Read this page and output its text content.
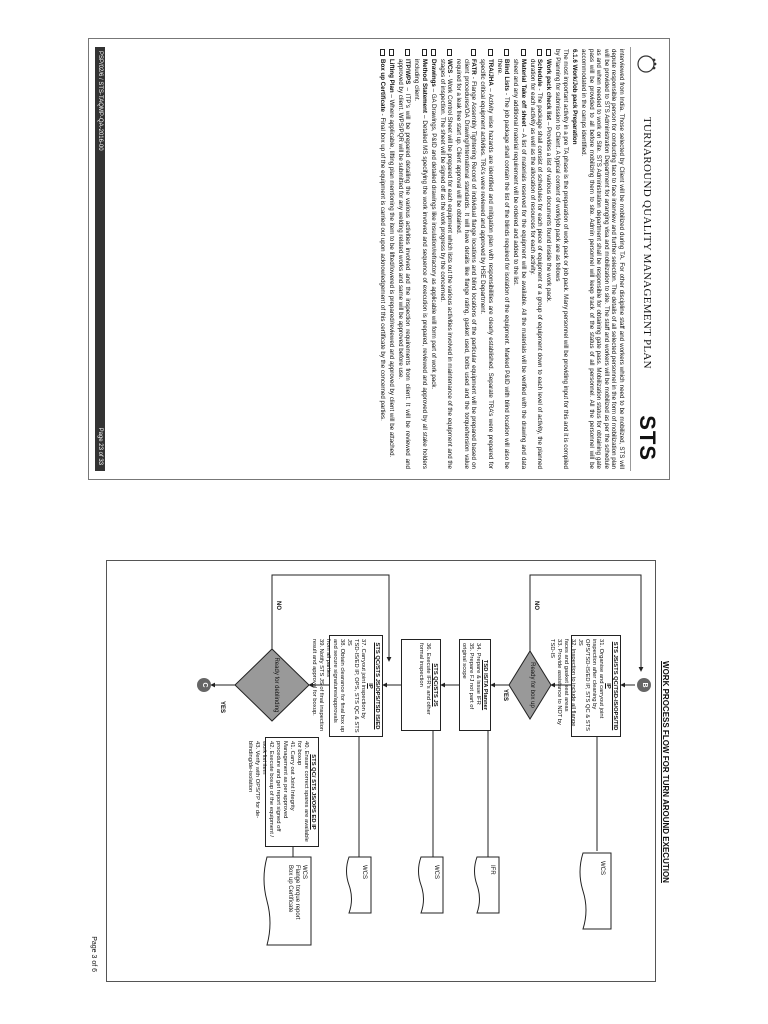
TURNAROUND QUALITY MANAGEMENT PLAN
STS

interviewed from India. Those selected by Client will be mobilized during TA. For other discipline staff and workers which need to be mobilized, STS will depute responsible person for conducting face to face interview and further selection. The details of all selected personnel in the form of mobilization plan will be provided to STS Administration Department for arranging visa and mobilization to site. The staff and workers will be mobilized as per the schedule as and when needed to work on Site. STS Administration department shall be responsible for obtaining gate pass. Mobilization status for obtaining gate pass will be provided to all before mobilizing them to site. Admin personnel will keep track of the status of all personnel. All the personnel will be accommodated in the camps identified.

6.1.6 Work/Job pack Preparation

The most important activity in a pre TA phase is the preparation of work pack or job pack. Many personnel will be providing input for this and it is compiled by Planning for submission to Client. A typical content of work/job pack are as follows

Work pack check list – Provides a list of various documents found inside the work pack.
Schedule - The package shall consist of schedules for each piece of equipment or a group of equipment down to each level of activity, the planned duration for each activity as well as the allocation of resources for each activity.
Material Take off sheet – A list of materials reserved for the equipment will be available. All the materials will be verified with the drawing and data sheet and any additional material requirement will be ordered and added to the list.
Blind Lists - The job package shall contain the list of the blinds required for isolation of the equipment. Marked P&ID with blind location will also be there.
TRA/JHA – Activity wise hazards are identified and mitigation plan with responsibilities are clearly established. Separate TRA’s were prepared for specific critical equipment activities. TRA’s were reviewed and approved by HSE Department.
FATR - Flange Assembly Tightening Record of individual flange locations and blind locations of the particular equipment will be prepared based on client procedures/OA Drawing/International standards. It will have details like flange rating, gasket used, bolts used and the torque/tension value required for a leak free start up. Client approval will be obtained.
WCS - Work Control Sheet will be prepared for each equipment which lists out the various activities involved in maintenance of the equipment and the stages of inspection. The sheet will be signed off as the work progress by the concerned.
Drawings – GA Drawings, P&ID and detailed drawings like insulation/refractory as applicable will form part of work pack.
Method Statement – Detailed MS specifying the work involved and sequence of execution is prepared, reviewed and approved by all stake holders including client.
ITP/WPS – ITP’s will be prepared detailing the various activities involved and the inspection requirements from client. It will be reviewed and approved by client. WPS/PQR will be submitted for any welding related works and same will be approved before use.
Lifting Plan – Where applicable, lifting plan mentioning the item to be lifted/lowered is prepared/reviewed and approved by client will be attached.
Box up Certificate - Final box up of the equipment is carried out upon acknowledgement of this certificate by the concerned parties.
PSP/02/6 / STS-TAQMP-QA-2016-00
Page 23 of 33
WORK PROCESS FLOW FOR TURN AROUND EXECUTION
B
STS JS/STS QC/TSD-IS/OPS/TID IP
31. Organise and carryout joint inspection after cleaning by OPS/TSD-IS/ED IP, STS QC & STS JS
32. Inspection to include all flange faces and gasket seat areas
33. Provide assistance to NDT by TSD-IS
WCS
Ready for box up
NO
YES
TSD IS/TA Planner
34. Prepare & issue IFR
35. Prepare FJ not part of original scope
IFR
STS QC/STS JS
36. Execute IFR’s and other formal inspection
WCS
STS QC/STS JS/OPS/TSD IS/ED IP
37. Carryout joint inspection by TSD-IS/ED IP, OPS, STS QC & STS JS
38. Obtain clearance for final box up and secure signatures/approvals from all parties
39. Notify STS JS of final inspection result and approval for boxup.
WCS
STS QC/ STS JS/OPS ED IP
40. Ensure correct spares are available for boxup
41. Carry out Joint Integrity Management as per approved procedure and get report signed off
42. Execute boxup of the equipment / work list item
43. Verify with OPS/TP for de-blinding/de-isolation
WCS
Flange torque report
Box up Certificate
Ready for deblinding
NO
YES
C
Page 3 of 6
